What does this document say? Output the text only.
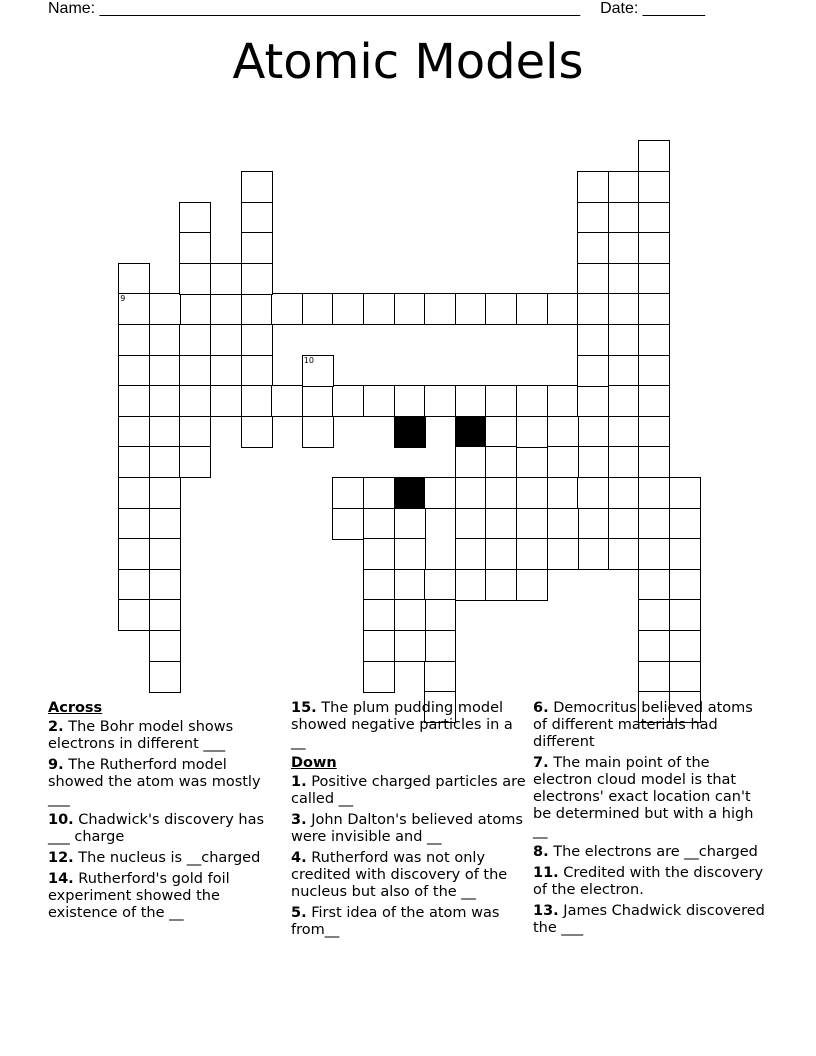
Name: ______________________________________________________ Date: _______
Atomic Models
9
10
Across
2. The Bohr model shows electrons in different ___
9. The Rutherford model showed the atom was mostly ___
10. Chadwick's discovery has ___ charge
12. The nucleus is __charged
14. Rutherford's gold foil experiment showed the existence of the __
15. The plum pudding model showed negative particles in a __
Down
1. Positive charged particles are called __
3. John Dalton's believed atoms were invisible and __
4. Rutherford was not only credited with discovery of the nucleus but also of the __
5. First idea of the atom was from__
6. Democritus believed atoms of different materials had different
7. The main point of the electron cloud model is that electrons' exact location can't be determined but with a high __
8. The electrons are __charged
11. Credited with the discovery of the electron.
13. James Chadwick discovered the ___
